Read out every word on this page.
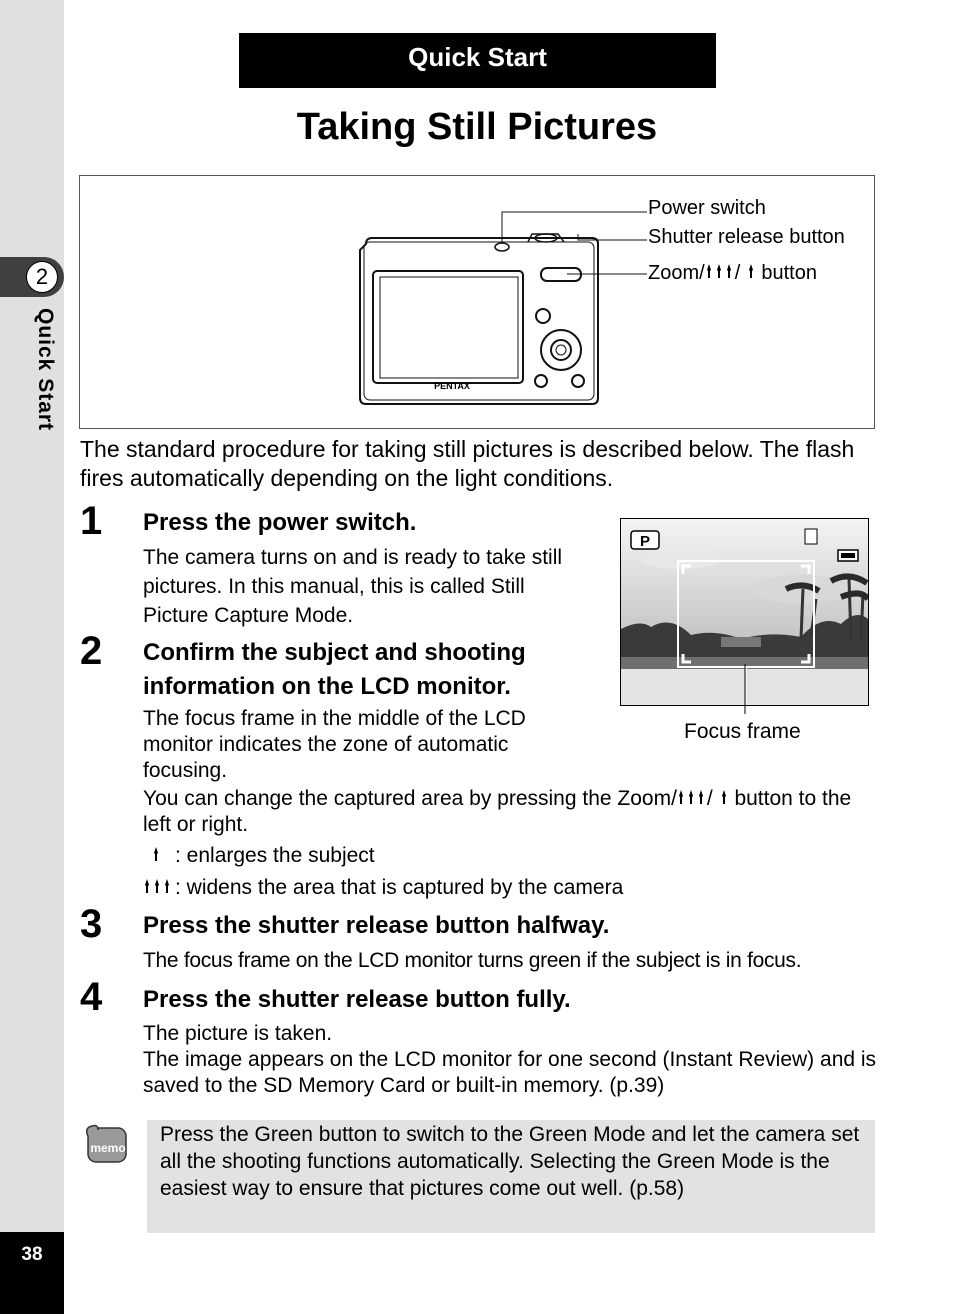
2
Quick Start
38
Quick Start
Taking Still Pictures
PENTAX
Power switch
Shutter release button
Zoom/ /  button
The standard procedure for taking still pictures is described below. The flash fires automatically depending on the light conditions.
P
Focus frame
1 Press the power switch.
The camera turns on and is ready to take still pictures. In this manual, this is called Still Picture Capture Mode.
2 Confirm the subject and shooting information on the LCD monitor.
The focus frame in the middle of the LCD monitor indicates the zone of automatic focusing.
You can change the captured area by pressing the Zoom/ /  button to the left or right.
: enlarges the subject
: widens the area that is captured by the camera
3 Press the shutter release button halfway.
The focus frame on the LCD monitor turns green if the subject is in focus.
4 Press the shutter release button fully.
The picture is taken.
The image appears on the LCD monitor for one second (Instant Review) and is saved to the SD Memory Card or built-in memory. (p.39)
memo
Press the Green button to switch to the Green Mode and let the camera set all the shooting functions automatically. Selecting the Green Mode is the easiest way to ensure that pictures come out well. (p.58)
